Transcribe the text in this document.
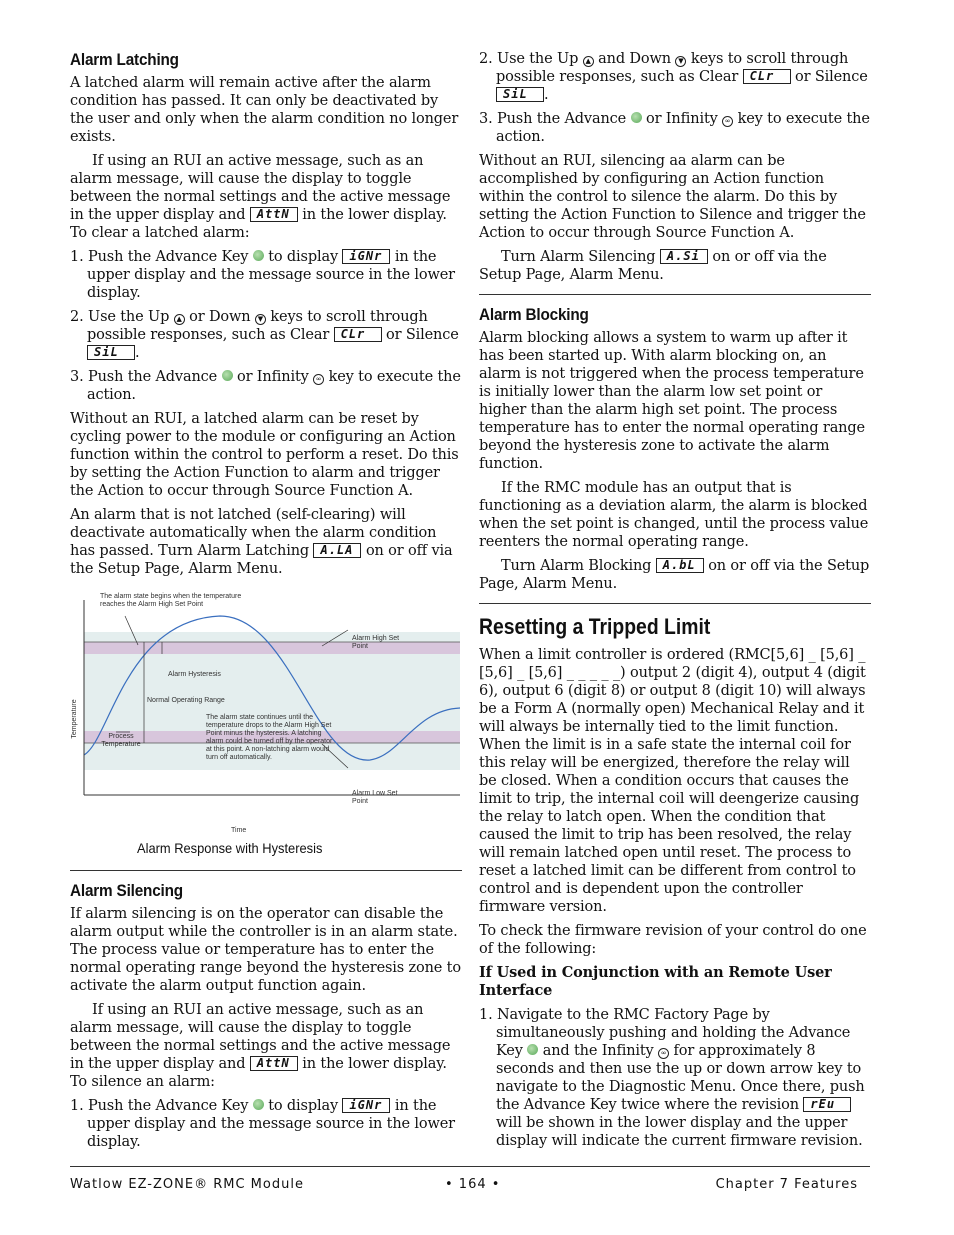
Alarm Latching

A latched alarm will remain active after the alarm condition has passed. It can only be deactivated by the user and only when the alarm condition no longer exists.

If using an RUI an active message, such as an alarm message, will cause the display to toggle between the normal settings and the active message in the upper display and AttN in the lower display. To clear a latched alarm:

1. Push the Advance Key  to display iGNr in the upper display and the message source in the lower display.
2. Use the Up ▲ or Down ▼ keys to scroll through possible responses, such as Clear CLr or Silence SiL .
3. Push the Advance  or Infinity ∞ key to execute the action.

Without an RUI, a latched alarm can be reset by cycling power to the module or configuring an Action function within the control to perform a reset. Do this by setting the Action Function to alarm and trigger the Action to occur through Source Function A.

An alarm that is not latched (self-clearing) will deactivate automatically when the alarm condition has passed. Turn Alarm Latching A.LA on or off via the Setup Page, Alarm Menu.

The alarm state begins when the temperature reaches the Alarm High Set Point
Alarm High Set Point
Alarm Hysteresis
Normal Operating Range
The alarm state continues until the temperature drops to the Alarm High Set Point minus the hysteresis. A latching alarm could be turned off by the operator at this point. A non-latching alarm would turn off automatically.
Process Temperature
Alarm Low Set Point
Temperature
Time
Alarm Response with Hysteresis
Alarm Silencing

If alarm silencing is on the operator can disable the alarm output while the controller is in an alarm state. The process value or temperature has to enter the normal operating range beyond the hysteresis zone to activate the alarm output function again.

If using an RUI an active message, such as an alarm message, will cause the display to toggle between the normal settings and the active message in the upper display and AttN in the lower display. To silence an alarm:

1. Push the Advance Key  to display iGNr in the upper display and the message source in the lower display.
2. Use the Up ▲ and Down ▼ keys to scroll through possible responses, such as Clear CLr or Silence SiL .
3. Push the Advance  or Infinity ∞ key to execute the action.

Without an RUI, silencing aa alarm can be accomplished by configuring an Action function within the control to silence the alarm. Do this by setting the Action Function to Silence and trigger the Action to occur through Source Function A.

Turn Alarm Silencing A.Si on or off via the Setup Page, Alarm Menu.

Alarm Blocking

Alarm blocking allows a system to warm up after it has been started up. With alarm blocking on, an alarm is not triggered when the process temperature is initially lower than the alarm low set point or higher than the alarm high set point. The process temperature has to enter the normal operating range beyond the hysteresis zone to activate the alarm function.

If the RMC module has an output that is functioning as a deviation alarm, the alarm is blocked when the set point is changed, until the process value reenters the normal operating range.

Turn Alarm Blocking A.bL on or off via the Setup Page, Alarm Menu.

Resetting a Tripped Limit

When a limit controller is ordered (RMC[5,6] _ [5,6] _ [5,6] _ [5,6] _ _ _ _ _) output 2 (digit 4), output 4 (digit 6), output 6 (digit 8) or output 8 (digit 10) will always be a Form A (normally open) Mechanical Relay and it will always be internally tied to the limit function. When the limit is in a safe state the internal coil for this relay will be energized, therefore the relay will be closed. When a condition occurs that causes the limit to trip, the internal coil will deengerize causing the relay to latch open. When the condition that caused the limit to trip has been resolved, the relay will remain latched open until reset. The process to reset a latched limit can be different from control to control and is dependent upon the controller firmware version.

To check the firmware revision of your control do one of the following:

If Used in Conjunction with an Remote User Interface

1. Navigate to the RMC Factory Page by simultaneously pushing and holding the Advance Key  and the Infinity ∞ for approximately 8 seconds and then use the up or down arrow key to navigate to the Diagnostic Menu. Once there, push the Advance Key twice where the revision rEu will be shown in the lower display and the upper display will indicate the current firmware revision.
Watlow EZ-ZONE® RMC Module	• 164 •	Chapter 7 Features
